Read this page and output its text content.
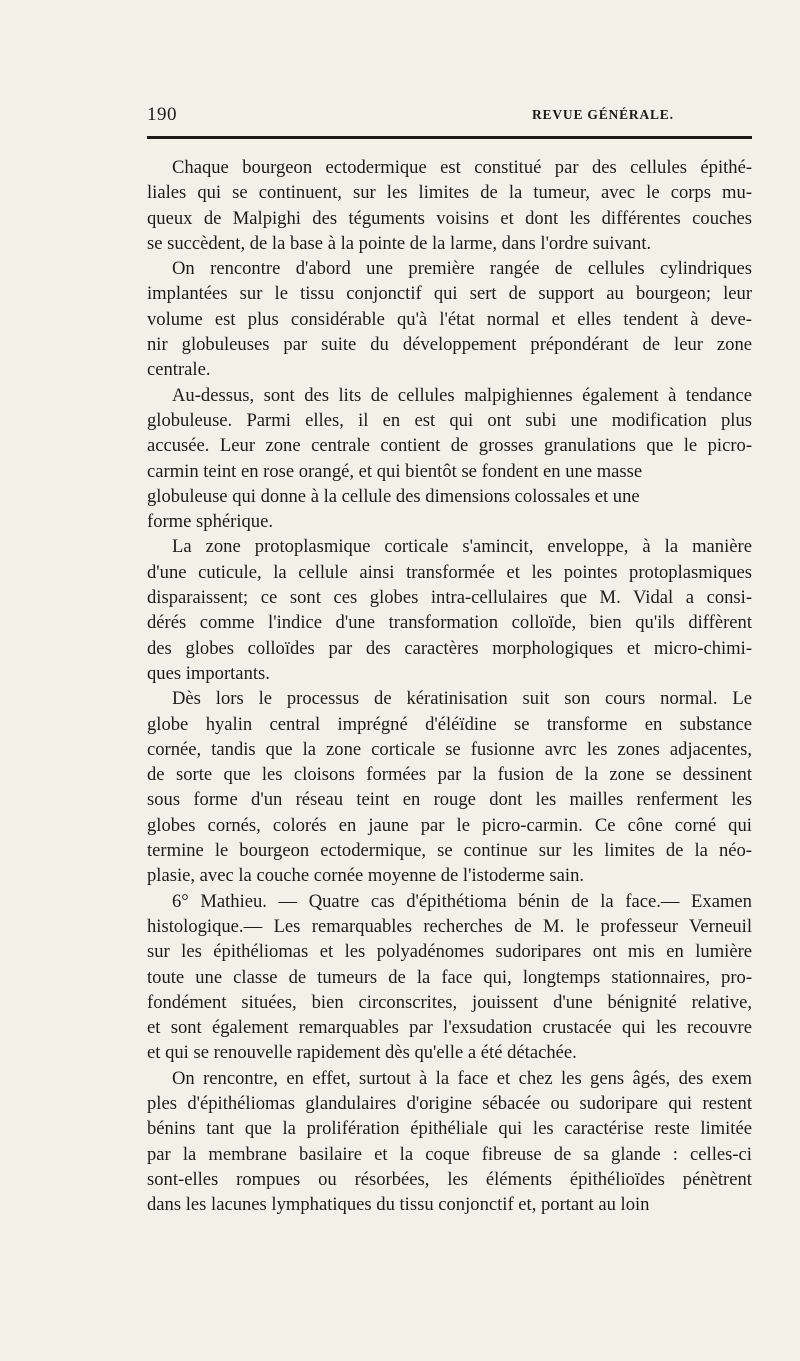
190	REVUE GÉNÉRALE.

Chaque bourgeon ectodermique est constitué par des cellules épithé-
liales qui se continuent, sur les limites de la tumeur, avec le corps mu-
queux de Malpighi des téguments voisins et dont les différentes couches
se succèdent, de la base à la pointe de la larme, dans l'ordre suivant.

On rencontre d'abord une première rangée de cellules cylindriques
implantées sur le tissu conjonctif qui sert de support au bourgeon; leur
volume est plus considérable qu'à l'état normal et elles tendent à deve-
nir globuleuses par suite du développement prépondérant de leur zone
centrale.

Au-dessus, sont des lits de cellules malpighiennes également à tendance
globuleuse. Parmi elles, il en est qui ont subi une modification plus
accusée. Leur zone centrale contient de grosses granulations que le picro-
carmin teint en rose orangé, et qui bientôt se fondent en une masse
globuleuse qui donne à la cellule des dimensions colossales et une
forme sphérique.

La zone protoplasmique corticale s'amincit, enveloppe, à la manière
d'une cuticule, la cellule ainsi transformée et les pointes protoplasmiques
disparaissent; ce sont ces globes intra-cellulaires que M. Vidal a consi-
dérés comme l'indice d'une transformation colloïde, bien qu'ils diffèrent
des globes colloïdes par des caractères morphologiques et micro-chimi-
ques importants.

Dès lors le processus de kératinisation suit son cours normal. Le
globe hyalin central imprégné d'éléïdine se transforme en substance
cornée, tandis que la zone corticale se fusionne avrc les zones adjacentes,
de sorte que les cloisons formées par la fusion de la zone se dessinent
sous forme d'un réseau teint en rouge dont les mailles renferment les
globes cornés, colorés en jaune par le picro-carmin. Ce cône corné qui
termine le bourgeon ectodermique, se continue sur les limites de la néo-
plasie, avec la couche cornée moyenne de l'istoderme sain.

6° Mathieu. — Quatre cas d'épithétioma bénin de la face.— Examen
histologique.— Les remarquables recherches de M. le professeur Verneuil
sur les épithéliomas et les polyadénomes sudoripares ont mis en lumière
toute une classe de tumeurs de la face qui, longtemps stationnaires, pro-
fondément situées, bien circonscrites, jouissent d'une bénignité relative,
et sont également remarquables par l'exsudation crustacée qui les recouvre
et qui se renouvelle rapidement dès qu'elle a été détachée.

On rencontre, en effet, surtout à la face et chez les gens âgés, des exem
ples d'épithéliomas glandulaires d'origine sébacée ou sudoripare qui restent
bénins tant que la prolifération épithéliale qui les caractérise reste limitée
par la membrane basilaire et la coque fibreuse de sa glande : celles-ci
sont-elles rompues ou résorbées, les éléments épithélioïdes pénètrent
dans les lacunes lymphatiques du tissu conjonctif et, portant au loin
